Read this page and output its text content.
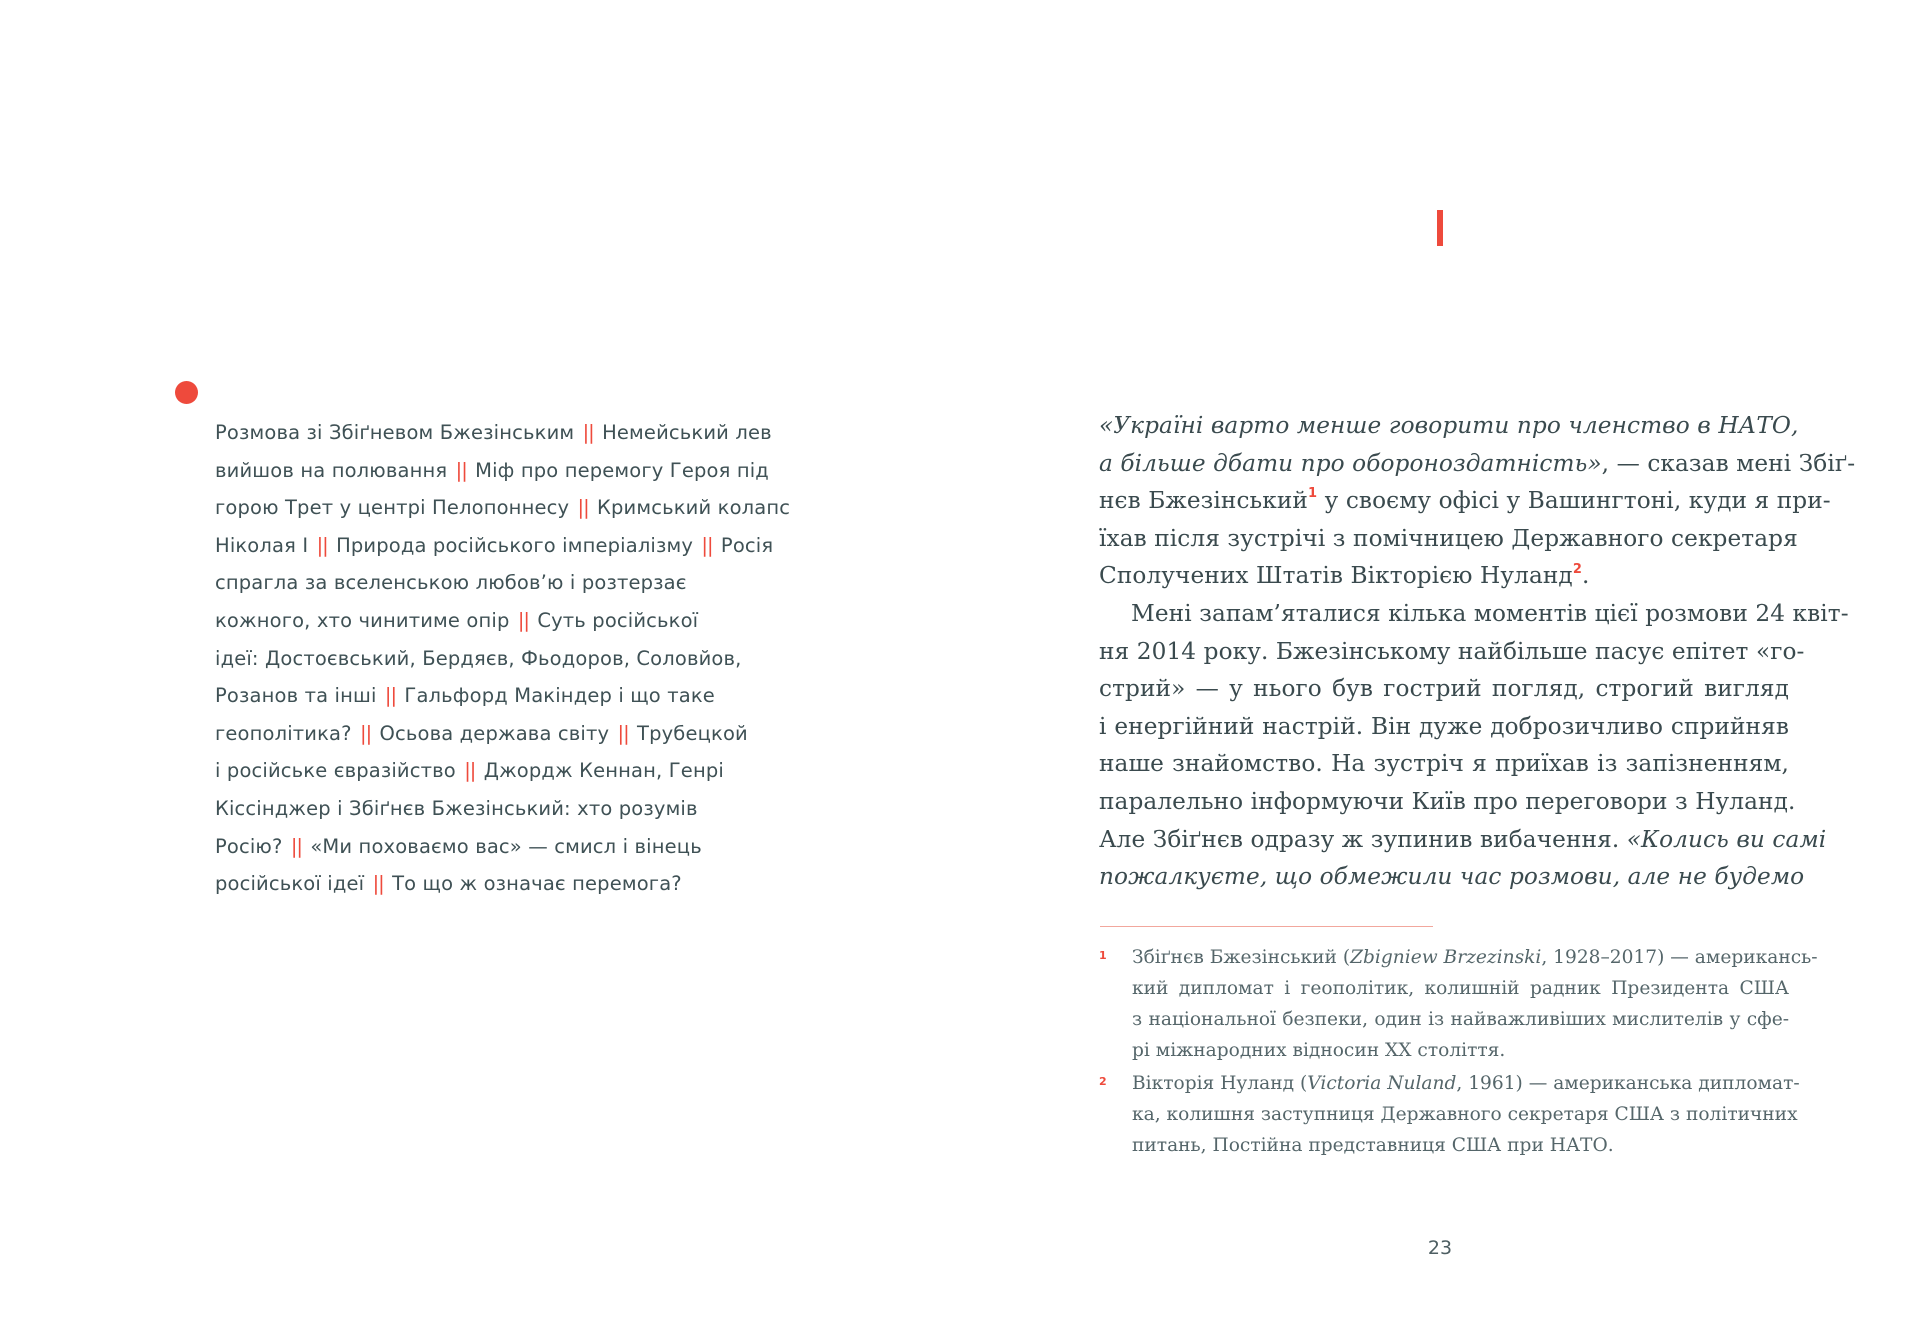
Розмова зі Збіґневом Бжезінським || Немейський лев
вийшов на полювання || Міф про перемогу Героя під
горою Трет у центрі Пелопоннесу || Кримський колапс
Ніколая І || Природа російського імперіалізму || Росія
спрагла за вселенською любов’ю і розтерзає
кожного, хто чинитиме опір || Суть російської
ідеї: Достоєвський, Бердяєв, Фьодоров, Соловйов,
Розанов та інші || Гальфорд Макіндер і що таке
геополітика? || Осьова держава світу || Трубецкой
і російське євразійство || Джордж Кеннан, Генрі
Кіссінджер і Збіґнєв Бжезінський: хто розумів
Росію? || «Ми поховаємо вас» — смисл і вінець
російської ідеї || То що ж означає перемога?
«Україні варто менше говорити про членство в НАТО,
а більше дбати про обороноздатність», — сказав мені Збіґ-
нєв Бжезінський$^1$ у своєму офісі у Вашингтоні, куди я при-
їхав після зустрічі з помічницею Державного секретаря
Сполучених Штатів Вікторією Нуланд$^2$.
Мені запам’яталися кілька моментів цієї розмови 24 квіт-
ня 2014 року. Бжезінському найбільше пасує епітет «го-
стрий» — у нього був гострий погляд, строгий вигляд
і енергійний настрій. Він дуже доброзичливо сприйняв
наше знайомство. На зустріч я приїхав із запізненням,
паралельно інформуючи Київ про переговори з Нуланд.
Але Збіґнєв одразу ж зупинив вибачення. «Колись ви самі
пожалкуєте, що обмежили час розмови, але не будемо
1 Збіґнєв Бжезінський (Zbigniew Brzezinski, 1928–2017) — американсь-
кий дипломат і геополітик, колишній радник Президента США
з національної безпеки, один із найважливіших мислителів у сфе-
рі міжнародних відносин XX століття.
2 Вікторія Нуланд (Victoria Nuland, 1961) — американська дипломат-
ка, колишня заступниця Державного секретаря США з політичних
питань, Постійна представниця США при НАТО.
23
